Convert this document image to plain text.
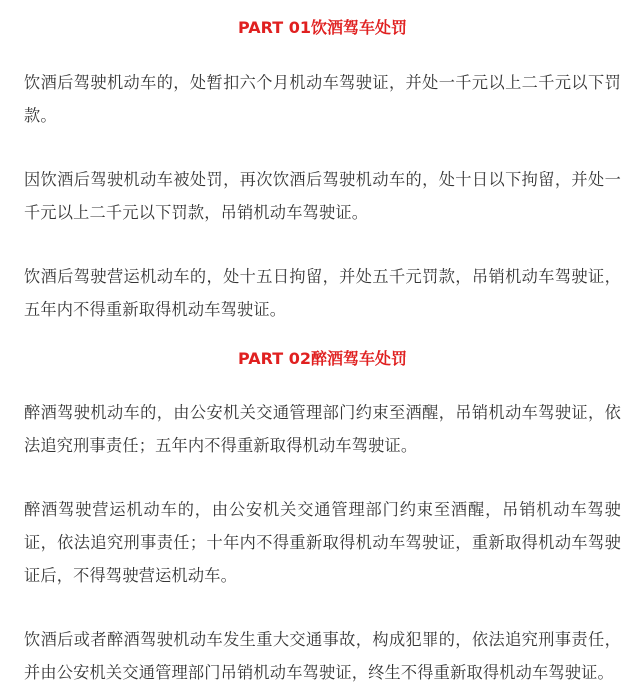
PART 01饮酒驾车处罚

饮酒后驾驶机动车的，处暂扣六个月机动车驾驶证，并处一千元以上二千元以下罚款。

因饮酒后驾驶机动车被处罚，再次饮酒后驾驶机动车的，处十日以下拘留，并处一千元以上二千元以下罚款，吊销机动车驾驶证。

饮酒后驾驶营运机动车的，处十五日拘留，并处五千元罚款，吊销机动车驾驶证，五年内不得重新取得机动车驾驶证。

PART 02醉酒驾车处罚

醉酒驾驶机动车的，由公安机关交通管理部门约束至酒醒，吊销机动车驾驶证，依法追究刑事责任；五年内不得重新取得机动车驾驶证。

醉酒驾驶营运机动车的，由公安机关交通管理部门约束至酒醒，吊销机动车驾驶证，依法追究刑事责任；十年内不得重新取得机动车驾驶证，重新取得机动车驾驶证后，不得驾驶营运机动车。

饮酒后或者醉酒驾驶机动车发生重大交通事故，构成犯罪的，依法追究刑事责任，并由公安机关交通管理部门吊销机动车驾驶证，终生不得重新取得机动车驾驶证。
